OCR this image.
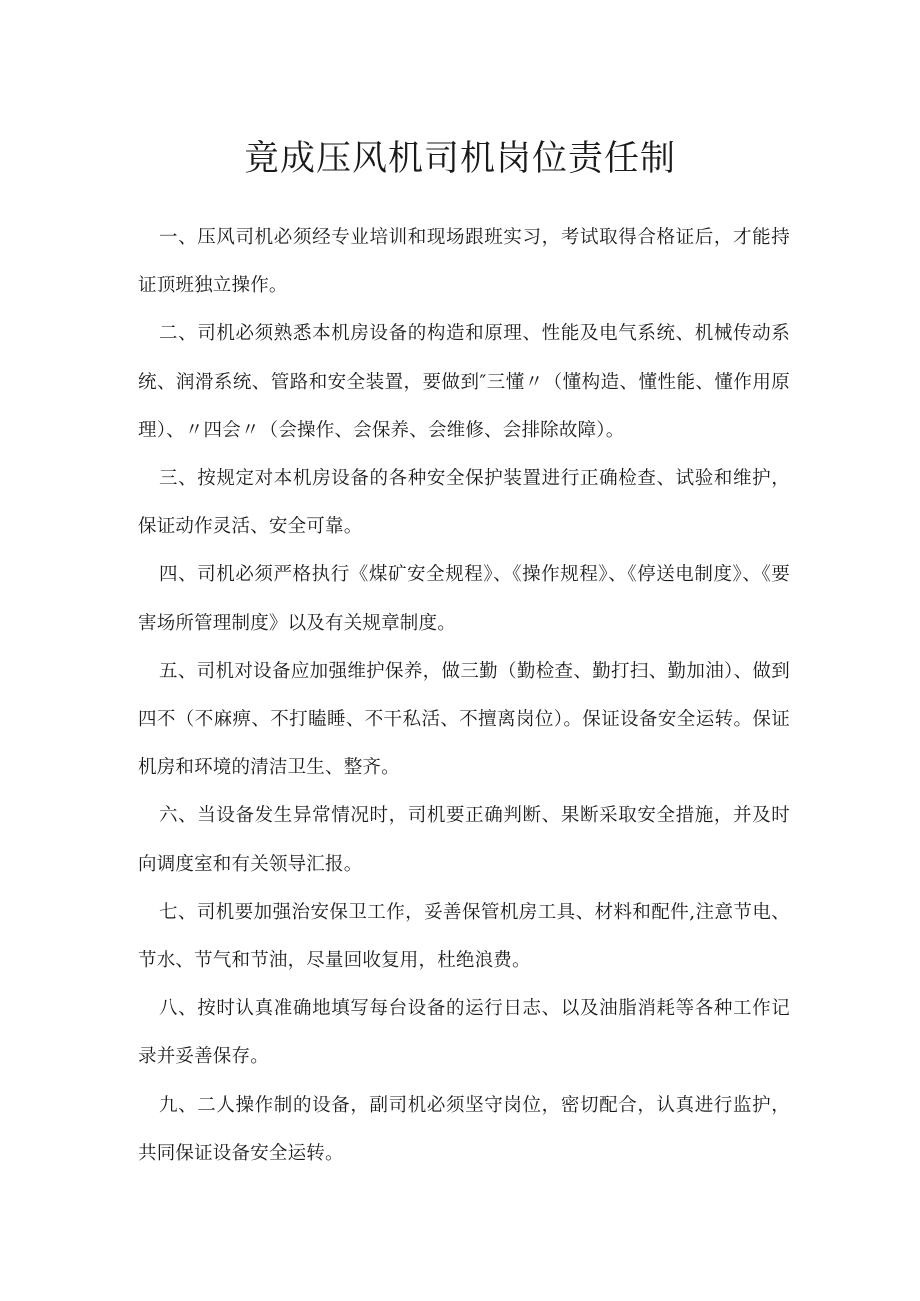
竟成压风机司机岗位责任制

一、压风司机必须经专业培训和现场跟班实习，考试取得合格证后，才能持证顶班独立操作。

二、司机必须熟悉本机房设备的构造和原理、性能及电气系统、机械传动系统、润滑系统、管路和安全装置，要做到″三懂〃（懂构造、懂性能、懂作用原理）、〃四会〃（会操作、会保养、会维修、会排除故障）。

三、按规定对本机房设备的各种安全保护装置进行正确检查、试验和维护，保证动作灵活、安全可靠。

四、司机必须严格执行《煤矿安全规程》、《操作规程》、《停送电制度》、《要害场所管理制度》以及有关规章制度。

五、司机对设备应加强维护保养，做三勤（勤检查、勤打扫、勤加油）、做到四不（不麻痹、不打瞌睡、不干私活、不擅离岗位）。保证设备安全运转。保证机房和环境的清洁卫生、整齐。

六、当设备发生异常情况时，司机要正确判断、果断采取安全措施，并及时向调度室和有关领导汇报。

七、司机要加强治安保卫工作，妥善保管机房工具、材料和配件,注意节电、节水、节气和节油，尽量回收复用，杜绝浪费。

八、按时认真准确地填写每台设备的运行日志、以及油脂消耗等各种工作记录并妥善保存。

九、二人操作制的设备，副司机必须坚守岗位，密切配合，认真进行监护，共同保证设备安全运转。
